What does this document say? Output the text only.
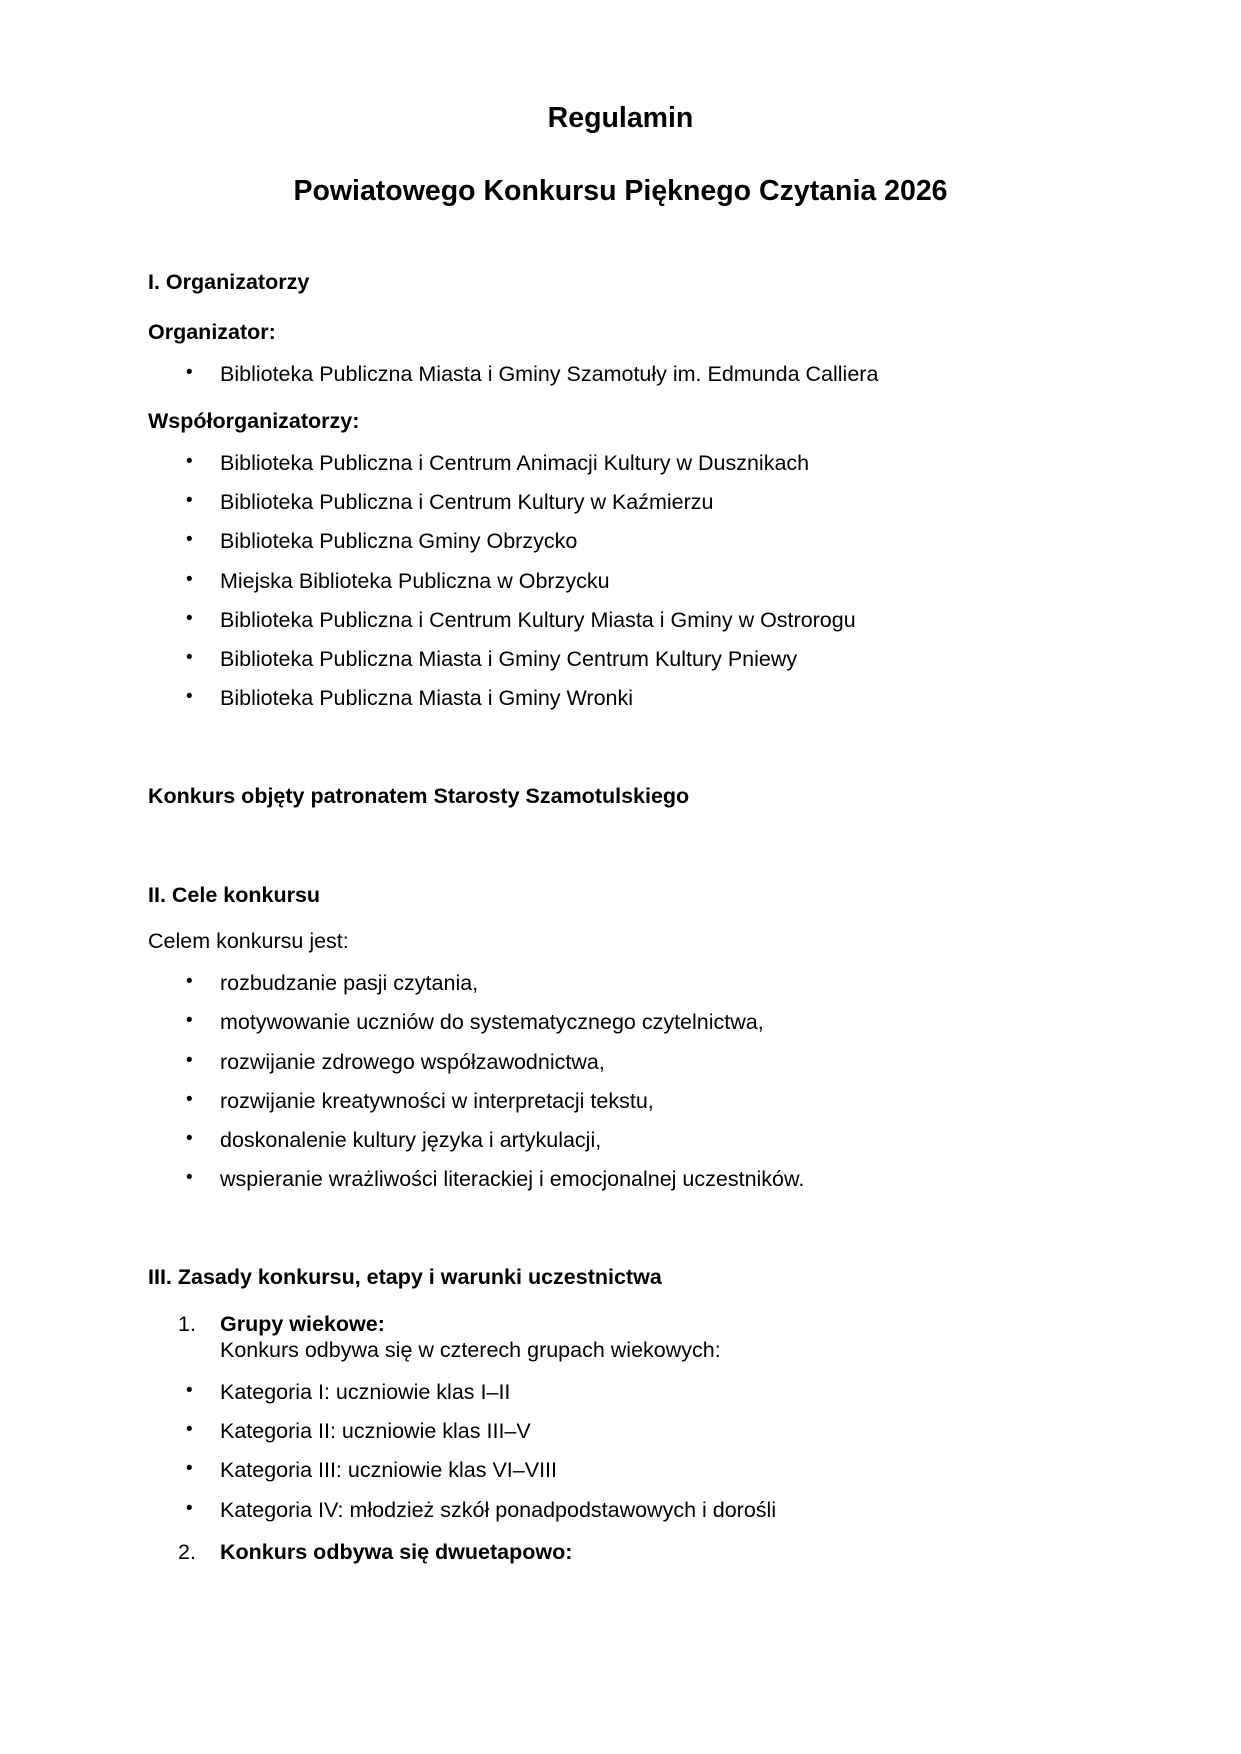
Regulamin
Powiatowego Konkursu Pięknego Czytania 2026
I. Organizatorzy

Organizator:

• Biblioteka Publiczna Miasta i Gminy Szamotuły im. Edmunda Calliera

Współorganizatorzy:

• Biblioteka Publiczna i Centrum Animacji Kultury w Dusznikach
• Biblioteka Publiczna i Centrum Kultury w Kaźmierzu
• Biblioteka Publiczna Gminy Obrzycko
• Miejska Biblioteka Publiczna w Obrzycku
• Biblioteka Publiczna i Centrum Kultury Miasta i Gminy w Ostrorogu
• Biblioteka Publiczna Miasta i Gminy Centrum Kultury Pniewy
• Biblioteka Publiczna Miasta i Gminy Wronki

Konkurs objęty patronatem Starosty Szamotulskiego

II. Cele konkursu

Celem konkursu jest:

• rozbudzanie pasji czytania,
• motywowanie uczniów do systematycznego czytelnictwa,
• rozwijanie zdrowego współzawodnictwa,
• rozwijanie kreatywności w interpretacji tekstu,
• doskonalenie kultury języka i artykulacji,
• wspieranie wrażliwości literackiej i emocjonalnej uczestników.
III. Zasady konkursu, etapy i warunki uczestnictwa
1. Grupy wiekowe:
Konkurs odbywa się w czterech grupach wiekowych:
• Kategoria I: uczniowie klas I–II
• Kategoria II: uczniowie klas III–V
• Kategoria III: uczniowie klas VI–VIII
• Kategoria IV: młodzież szkół ponadpodstawowych i dorośli
2. Konkurs odbywa się dwuetapowo:
